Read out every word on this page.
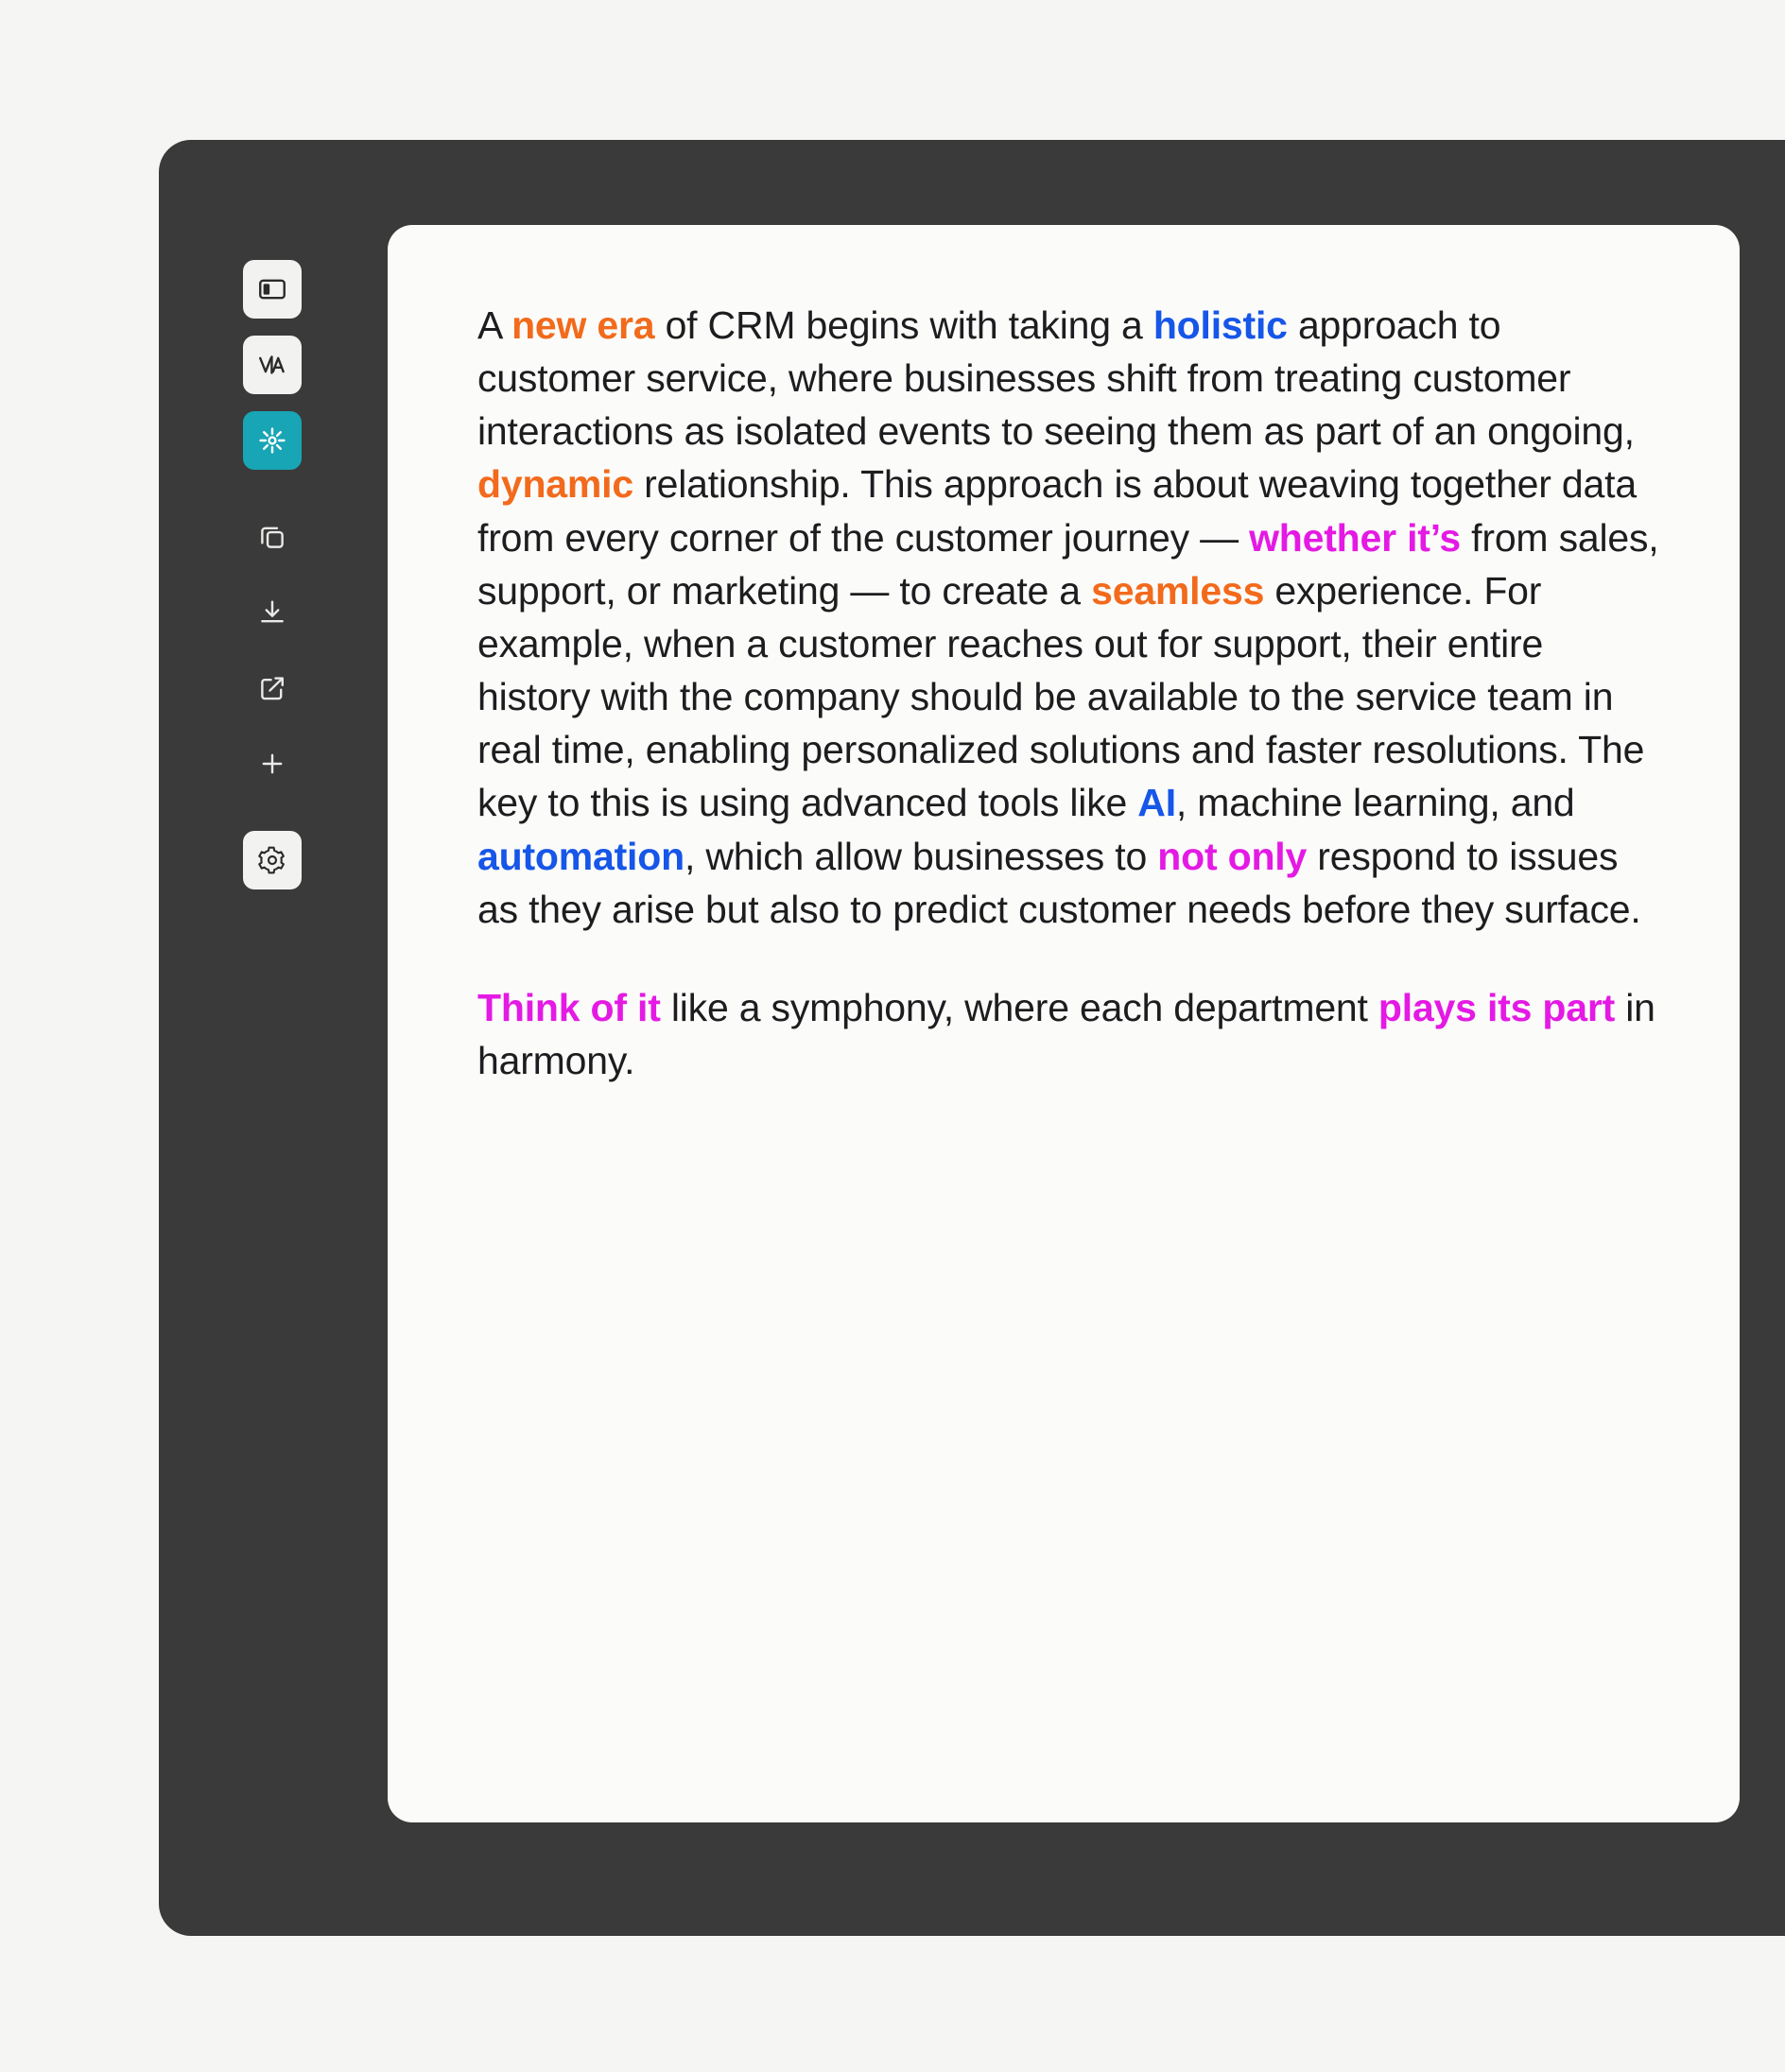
A new era of CRM begins with taking a holistic approach to customer service, where businesses shift from treating customer interactions as isolated events to seeing them as part of an ongoing, dynamic relationship. This approach is about weaving together data from every corner of the customer journey — whether it’s from sales, support, or marketing — to create a seamless experience. For example, when a customer reaches out for support, their entire history with the company should be available to the service team in real time, enabling personalized solutions and faster resolutions. The key to this is using advanced tools like AI, machine learning, and automation, which allow businesses to not only respond to issues as they arise but also to predict customer needs before they surface.

Think of it like a symphony, where each department plays its part in harmony.
